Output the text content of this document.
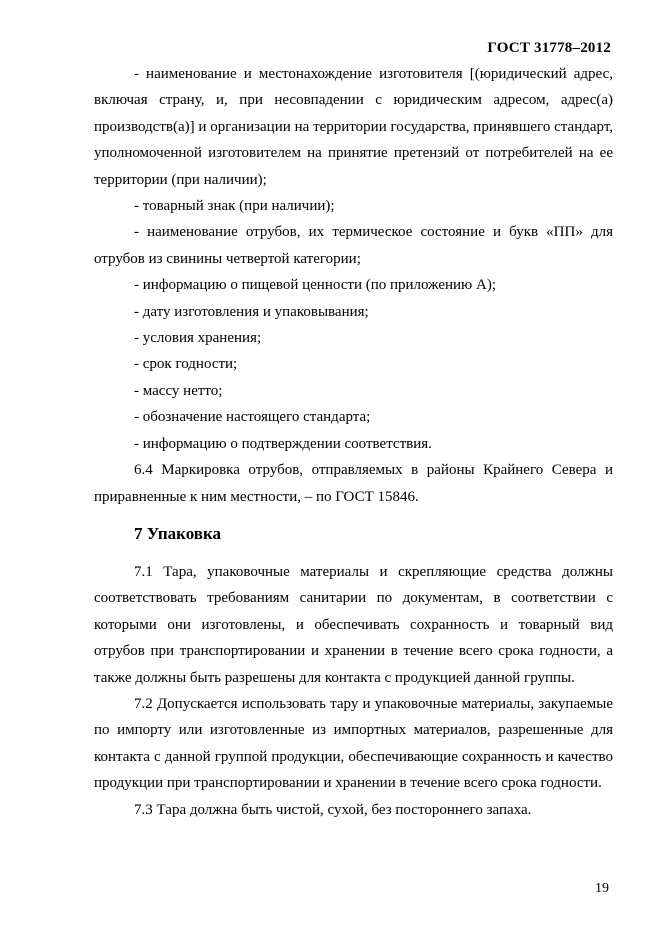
ГОСТ 31778–2012

- наименование и местонахождение изготовителя [(юридический адрес, включая страну, и, при несовпадении с юридическим адресом, адрес(а) производств(а)] и организации на территории государства, принявшего стандарт, уполномоченной изготовителем на принятие претензий от потребителей на ее территории (при наличии);

- товарный знак (при наличии);

- наименование отрубов, их термическое состояние и букв «ПП» для отрубов из свинины четвертой категории;

- информацию о пищевой ценности (по приложению А);

- дату изготовления и упаковывания;

- условия хранения;

- срок годности;

- массу нетто;

- обозначение настоящего стандарта;

- информацию о подтверждении соответствия.

6.4 Маркировка отрубов, отправляемых в районы Крайнего Севера и приравненные к ним местности, – по ГОСТ 15846.

7 Упаковка

7.1 Тара, упаковочные материалы и скрепляющие средства должны соответствовать требованиям санитарии по документам, в соответствии с которыми они изготовлены, и обеспечивать сохранность и товарный вид отрубов при транспортировании и хранении в течение всего срока годности, а также должны быть разрешены для контакта с продукцией данной группы.

7.2 Допускается использовать тару и упаковочные материалы, закупаемые по импорту или изготовленные из импортных материалов, разрешенные для контакта с данной группой продукции, обеспечивающие сохранность и качество продукции при транспортировании и хранении в течение всего срока годности.

7.3 Тара должна быть чистой, сухой, без постороннего запаха.

19
